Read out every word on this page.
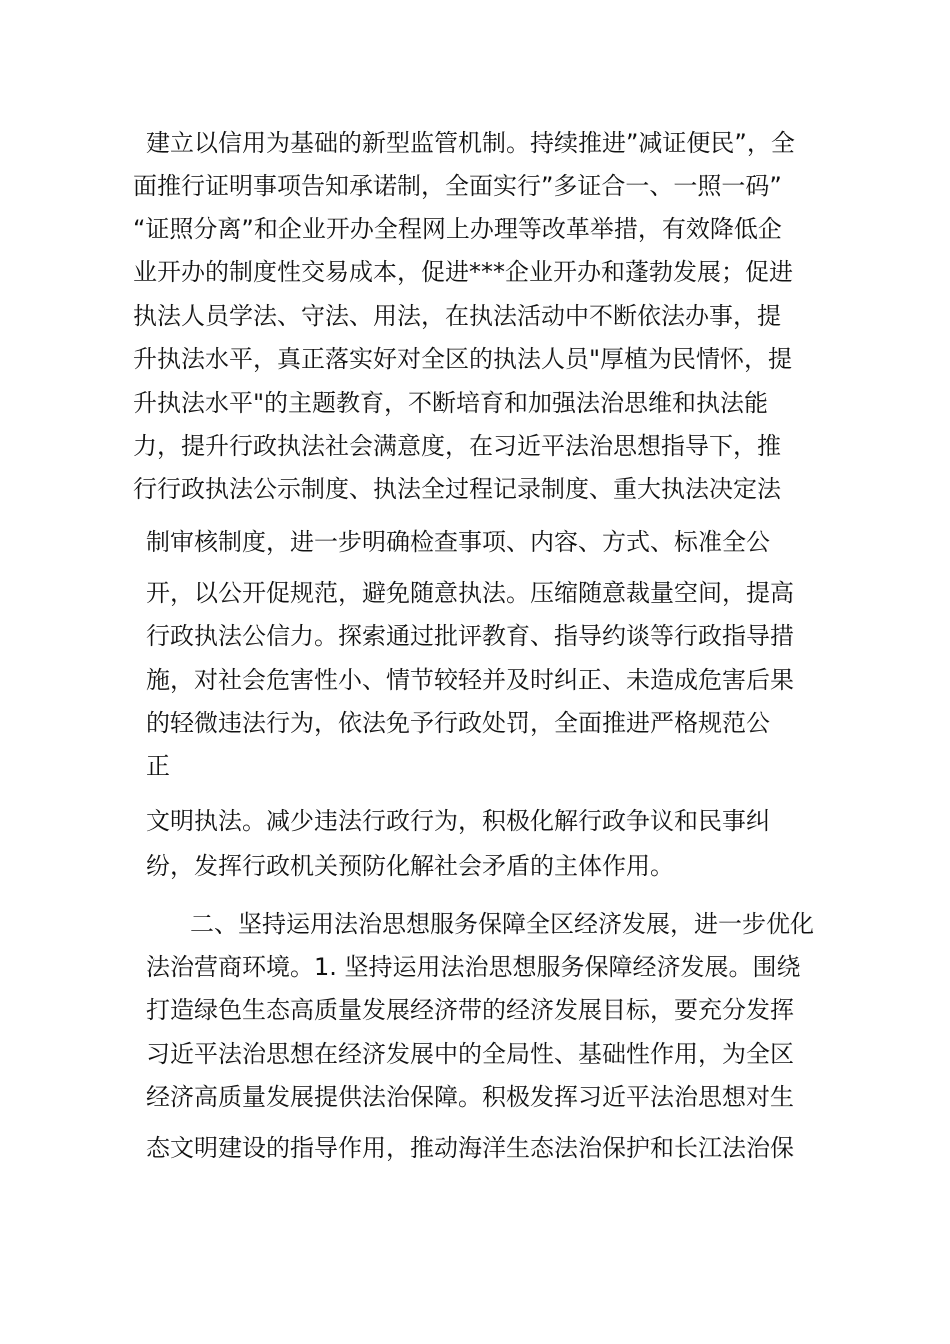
建立以信用为基础的新型监管机制。持续推进”减证便民”，全
面推行证明事项告知承诺制，全面实行”多证合一、一照一码”
“证照分离”和企业开办全程网上办理等改革举措，有效降低企
业开办的制度性交易成本，促进***企业开办和蓬勃发展；促进
执法人员学法、守法、用法，在执法活动中不断依法办事，提
升执法水平，真正落实好对全区的执法人员"厚植为民情怀，提
升执法水平"的主题教育，不断培育和加强法治思维和执法能
力，提升行政执法社会满意度，在习近平法治思想指导下，推
行行政执法公示制度、执法全过程记录制度、重大执法决定法
制审核制度，进一步明确检查事项、内容、方式、标准全公
开，以公开促规范，避免随意执法。压缩随意裁量空间，提高
行政执法公信力。探索通过批评教育、指导约谈等行政指导措
施，对社会危害性小、情节较轻并及时纠正、未造成危害后果
的轻微违法行为，依法免予行政处罚，全面推进严格规范公
正
文明执法。减少违法行政行为，积极化解行政争议和民事纠
纷，发挥行政机关预防化解社会矛盾的主体作用。
二、坚持运用法治思想服务保障全区经济发展，进一步优化
法治营商环境。1. 坚持运用法治思想服务保障经济发展。围绕
打造绿色生态高质量发展经济带的经济发展目标，要充分发挥
习近平法治思想在经济发展中的全局性、基础性作用，为全区
经济高质量发展提供法治保障。积极发挥习近平法治思想对生
态文明建设的指导作用，推动海洋生态法治保护和长江法治保
